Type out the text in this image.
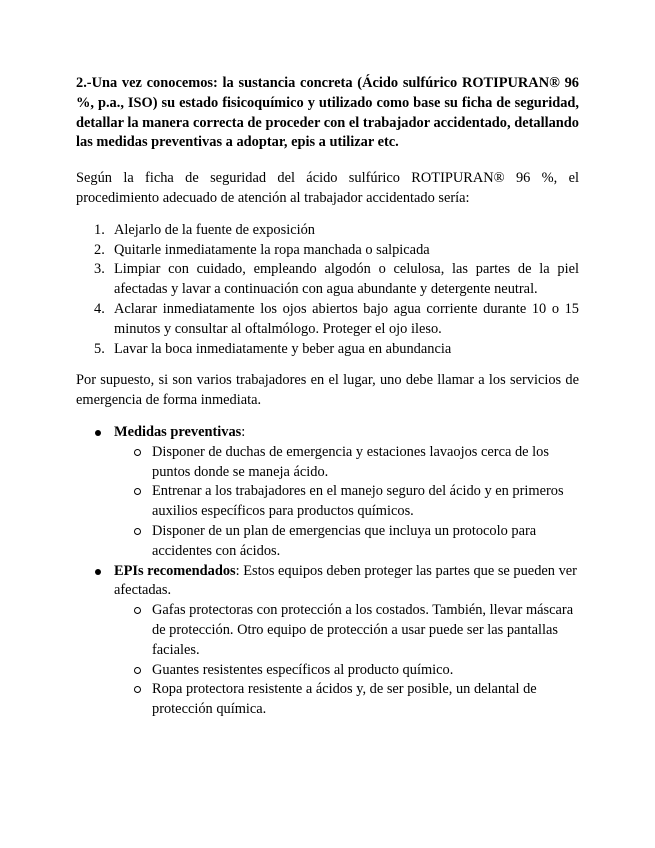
2.-Una vez conocemos: la sustancia concreta (Ácido sulfúrico ROTIPURAN® 96 %, p.a., ISO) su estado fisicoquímico y utilizado como base su ficha de seguridad, detallar la manera correcta de proceder con el trabajador accidentado, detallando las medidas preventivas a adoptar, epis a utilizar etc.

Según la ficha de seguridad del ácido sulfúrico ROTIPURAN® 96 %, el procedimiento adecuado de atención al trabajador accidentado sería:

1. Alejarlo de la fuente de exposición
2. Quitarle inmediatamente la ropa manchada o salpicada
3. Limpiar con cuidado, empleando algodón o celulosa, las partes de la piel afectadas y lavar a continuación con agua abundante y detergente neutral.
4. Aclarar inmediatamente los ojos abiertos bajo agua corriente durante 10 o 15 minutos y consultar al oftalmólogo. Proteger el ojo ileso.
5. Lavar la boca inmediatamente y beber agua en abundancia

Por supuesto, si son varios trabajadores en el lugar, uno debe llamar a los servicios de emergencia de forma inmediata.

Medidas preventivas:
Disponer de duchas de emergencia y estaciones lavaojos cerca de los puntos donde se maneja ácido.
Entrenar a los trabajadores en el manejo seguro del ácido y en primeros auxilios específicos para productos químicos.
Disponer de un plan de emergencias que incluya un protocolo para accidentes con ácidos.
EPIs recomendados: Estos equipos deben proteger las partes que se pueden ver afectadas.
Gafas protectoras con protección a los costados. También, llevar máscara de protección. Otro equipo de protección a usar puede ser las pantallas faciales.
Guantes resistentes específicos al producto químico.
Ropa protectora resistente a ácidos y, de ser posible, un delantal de protección química.
